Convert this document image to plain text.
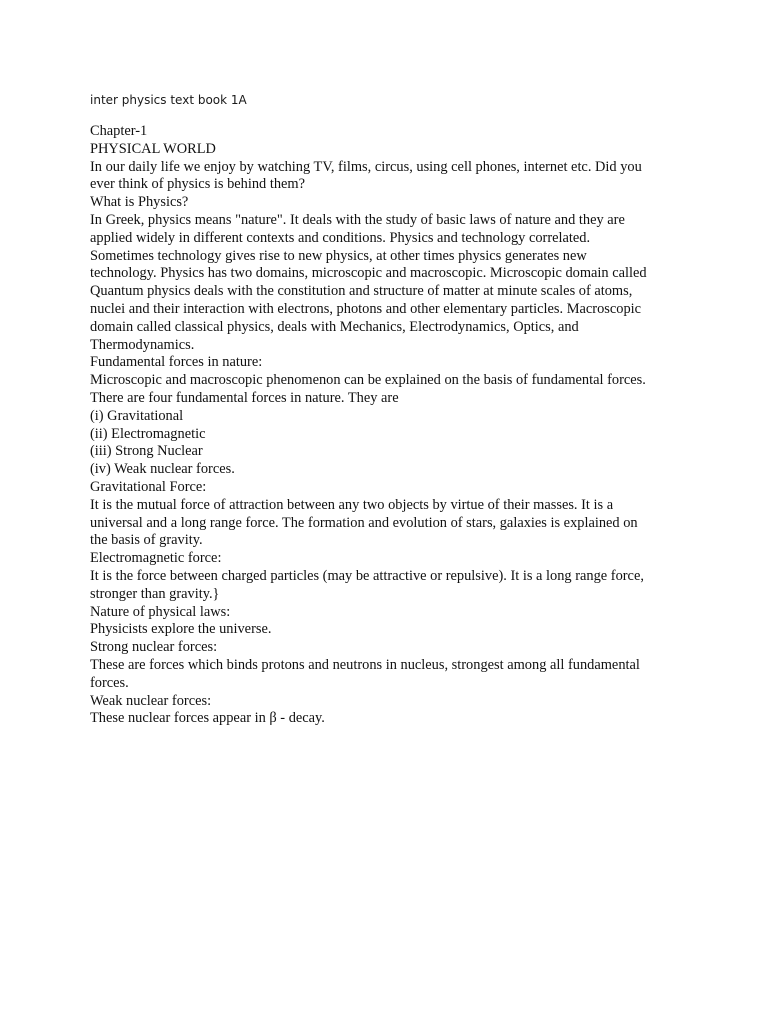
inter physics text book 1A
Chapter-1
PHYSICAL WORLD
In our daily life we enjoy by watching TV, films, circus, using cell phones, internet etc. Did you
ever think of physics is behind them?
What is Physics?
In Greek, physics means "nature". It deals with the study of basic laws of nature and they are
applied widely in different contexts and conditions. Physics and technology correlated.
Sometimes technology gives rise to new physics, at other times physics generates new
technology. Physics has two domains, microscopic and macroscopic. Microscopic domain called
Quantum physics deals with the constitution and structure of matter at minute scales of atoms,
nuclei and their interaction with electrons, photons and other elementary particles. Macroscopic
domain called classical physics, deals with Mechanics, Electrodynamics, Optics, and
Thermodynamics.
Fundamental forces in nature:
Microscopic and macroscopic phenomenon can be explained on the basis of fundamental forces.
There are four fundamental forces in nature. They are
(i) Gravitational
(ii) Electromagnetic
(iii) Strong Nuclear
(iv) Weak nuclear forces.
Gravitational Force:
It is the mutual force of attraction between any two objects by virtue of their masses. It is a
universal and a long range force. The formation and evolution of stars, galaxies is explained on
the basis of gravity.
Electromagnetic force:
It is the force between charged particles (may be attractive or repulsive). It is a long range force,
stronger than gravity.}
Nature of physical laws:
Physicists explore the universe.
Strong nuclear forces:
These are forces which binds protons and neutrons in nucleus, strongest among all fundamental
forces.
Weak nuclear forces:
These nuclear forces appear in β - decay.
